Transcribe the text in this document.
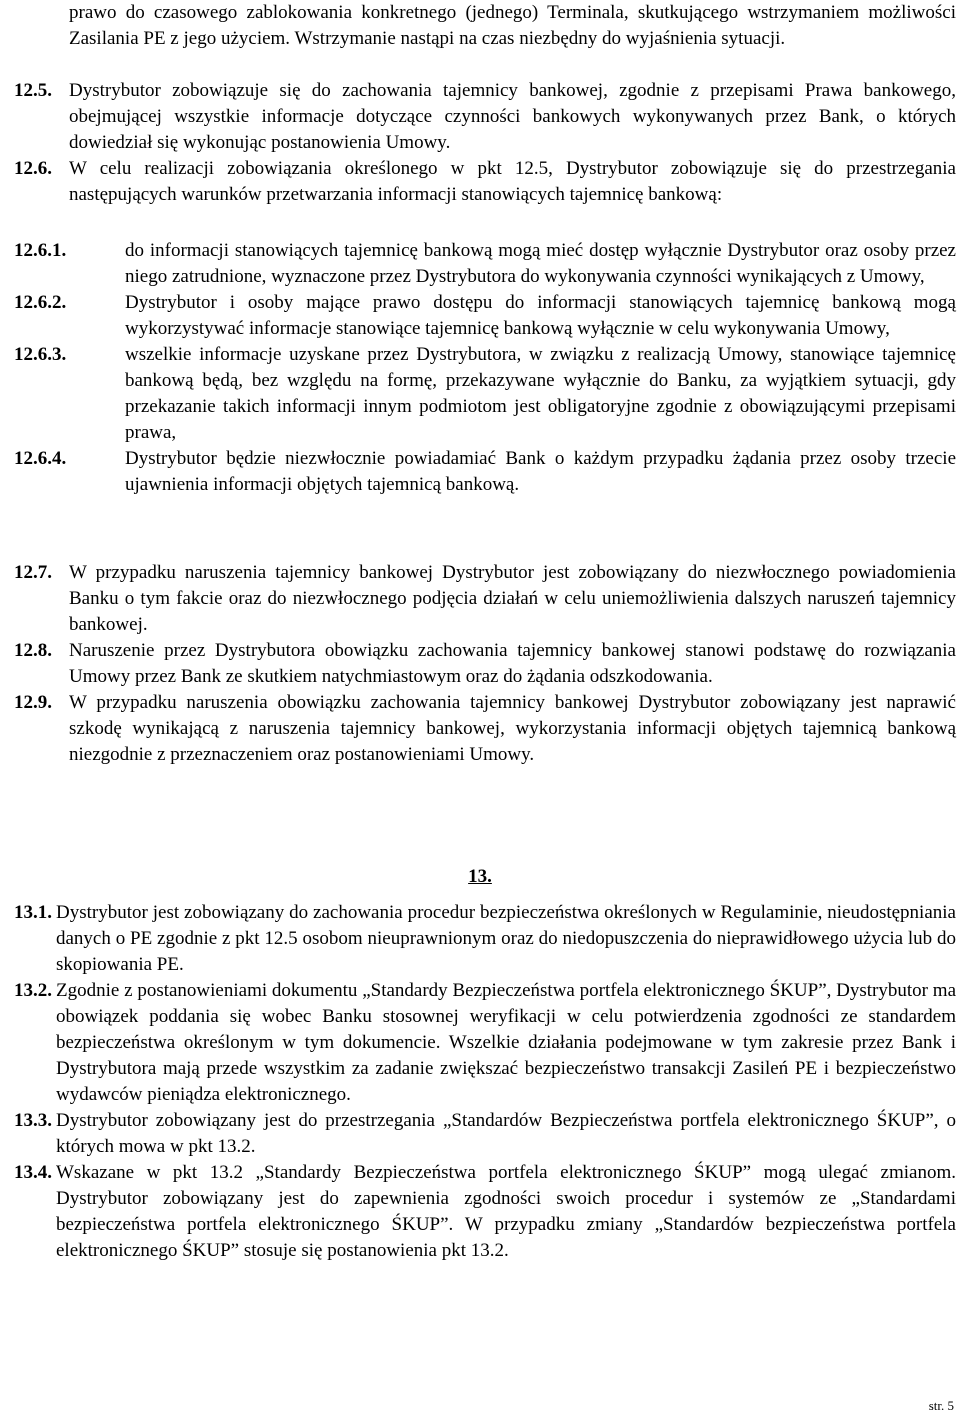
prawo do czasowego zablokowania konkretnego (jednego) Terminala, skutkującego wstrzymaniem możliwości Zasilania PE z jego użyciem. Wstrzymanie nastąpi na czas niezbędny do wyjaśnienia sytuacji.
12.5. Dystrybutor zobowiązuje się do zachowania tajemnicy bankowej, zgodnie z przepisami Prawa bankowego, obejmującej wszystkie informacje dotyczące czynności bankowych wykonywanych przez Bank, o których dowiedział się wykonując postanowienia Umowy.
12.6. W celu realizacji zobowiązania określonego w pkt 12.5, Dystrybutor zobowiązuje się do przestrzegania następujących warunków przetwarzania informacji stanowiących tajemnicę bankową:
12.6.1.	do informacji stanowiących tajemnicę bankową mogą mieć dostęp wyłącznie Dystrybutor oraz osoby przez niego zatrudnione, wyznaczone przez Dystrybutora do wykonywania czynności wynikających z Umowy,
12.6.2.	Dystrybutor i osoby mające prawo dostępu do informacji stanowiących tajemnicę bankową mogą wykorzystywać informacje stanowiące tajemnicę bankową wyłącznie w celu wykonywania Umowy,
12.6.3.	wszelkie informacje uzyskane przez Dystrybutora, w związku z realizacją Umowy, stanowiące tajemnicę bankową będą, bez względu na formę, przekazywane wyłącznie do Banku, za wyjątkiem sytuacji, gdy przekazanie takich informacji innym podmiotom jest obligatoryjne zgodnie z obowiązującymi przepisami prawa,
12.6.4.	Dystrybutor będzie niezwłocznie powiadamiać Bank o każdym przypadku żądania przez osoby trzecie ujawnienia informacji objętych tajemnicą bankową.
12.7. W przypadku naruszenia tajemnicy bankowej Dystrybutor jest zobowiązany do niezwłocznego powiadomienia Banku o tym fakcie oraz do niezwłocznego podjęcia działań w celu uniemożliwienia dalszych naruszeń tajemnicy bankowej.
12.8. Naruszenie przez Dystrybutora obowiązku zachowania tajemnicy bankowej stanowi podstawę do rozwiązania Umowy przez Bank ze skutkiem natychmiastowym oraz do żądania odszkodowania.
12.9. W przypadku naruszenia obowiązku zachowania tajemnicy bankowej Dystrybutor zobowiązany jest naprawić szkodę wynikającą z naruszenia tajemnicy bankowej, wykorzystania informacji objętych tajemnicą bankową niezgodnie z przeznaczeniem oraz postanowieniami Umowy.
13.
13.1. Dystrybutor jest zobowiązany do zachowania procedur bezpieczeństwa określonych w Regulaminie, nieudostępniania danych o PE zgodnie z pkt 12.5 osobom nieuprawnionym oraz do niedopuszczenia do nieprawidłowego użycia lub do skopiowania PE.
13.2. Zgodnie z postanowieniami dokumentu „Standardy Bezpieczeństwa portfela elektronicznego ŚKUP”, Dystrybutor ma obowiązek poddania się wobec Banku stosownej weryfikacji w celu potwierdzenia zgodności ze standardem bezpieczeństwa określonym w tym dokumencie. Wszelkie działania podejmowane w tym zakresie przez Bank i Dystrybutora mają przede wszystkim za zadanie zwiększać bezpieczeństwo transakcji Zasileń PE i bezpieczeństwo wydawców pieniądza elektronicznego.
13.3. Dystrybutor zobowiązany jest do przestrzegania „Standardów Bezpieczeństwa portfela elektronicznego ŚKUP”, o których mowa w pkt 13.2.
13.4. Wskazane w pkt 13.2 „Standardy Bezpieczeństwa portfela elektronicznego ŚKUP” mogą ulegać zmianom. Dystrybutor zobowiązany jest do zapewnienia zgodności swoich procedur i systemów ze „Standardami bezpieczeństwa portfela elektronicznego ŚKUP”. W przypadku zmiany „Standardów bezpieczeństwa portfela elektronicznego ŚKUP” stosuje się postanowienia pkt 13.2.
str. 5
